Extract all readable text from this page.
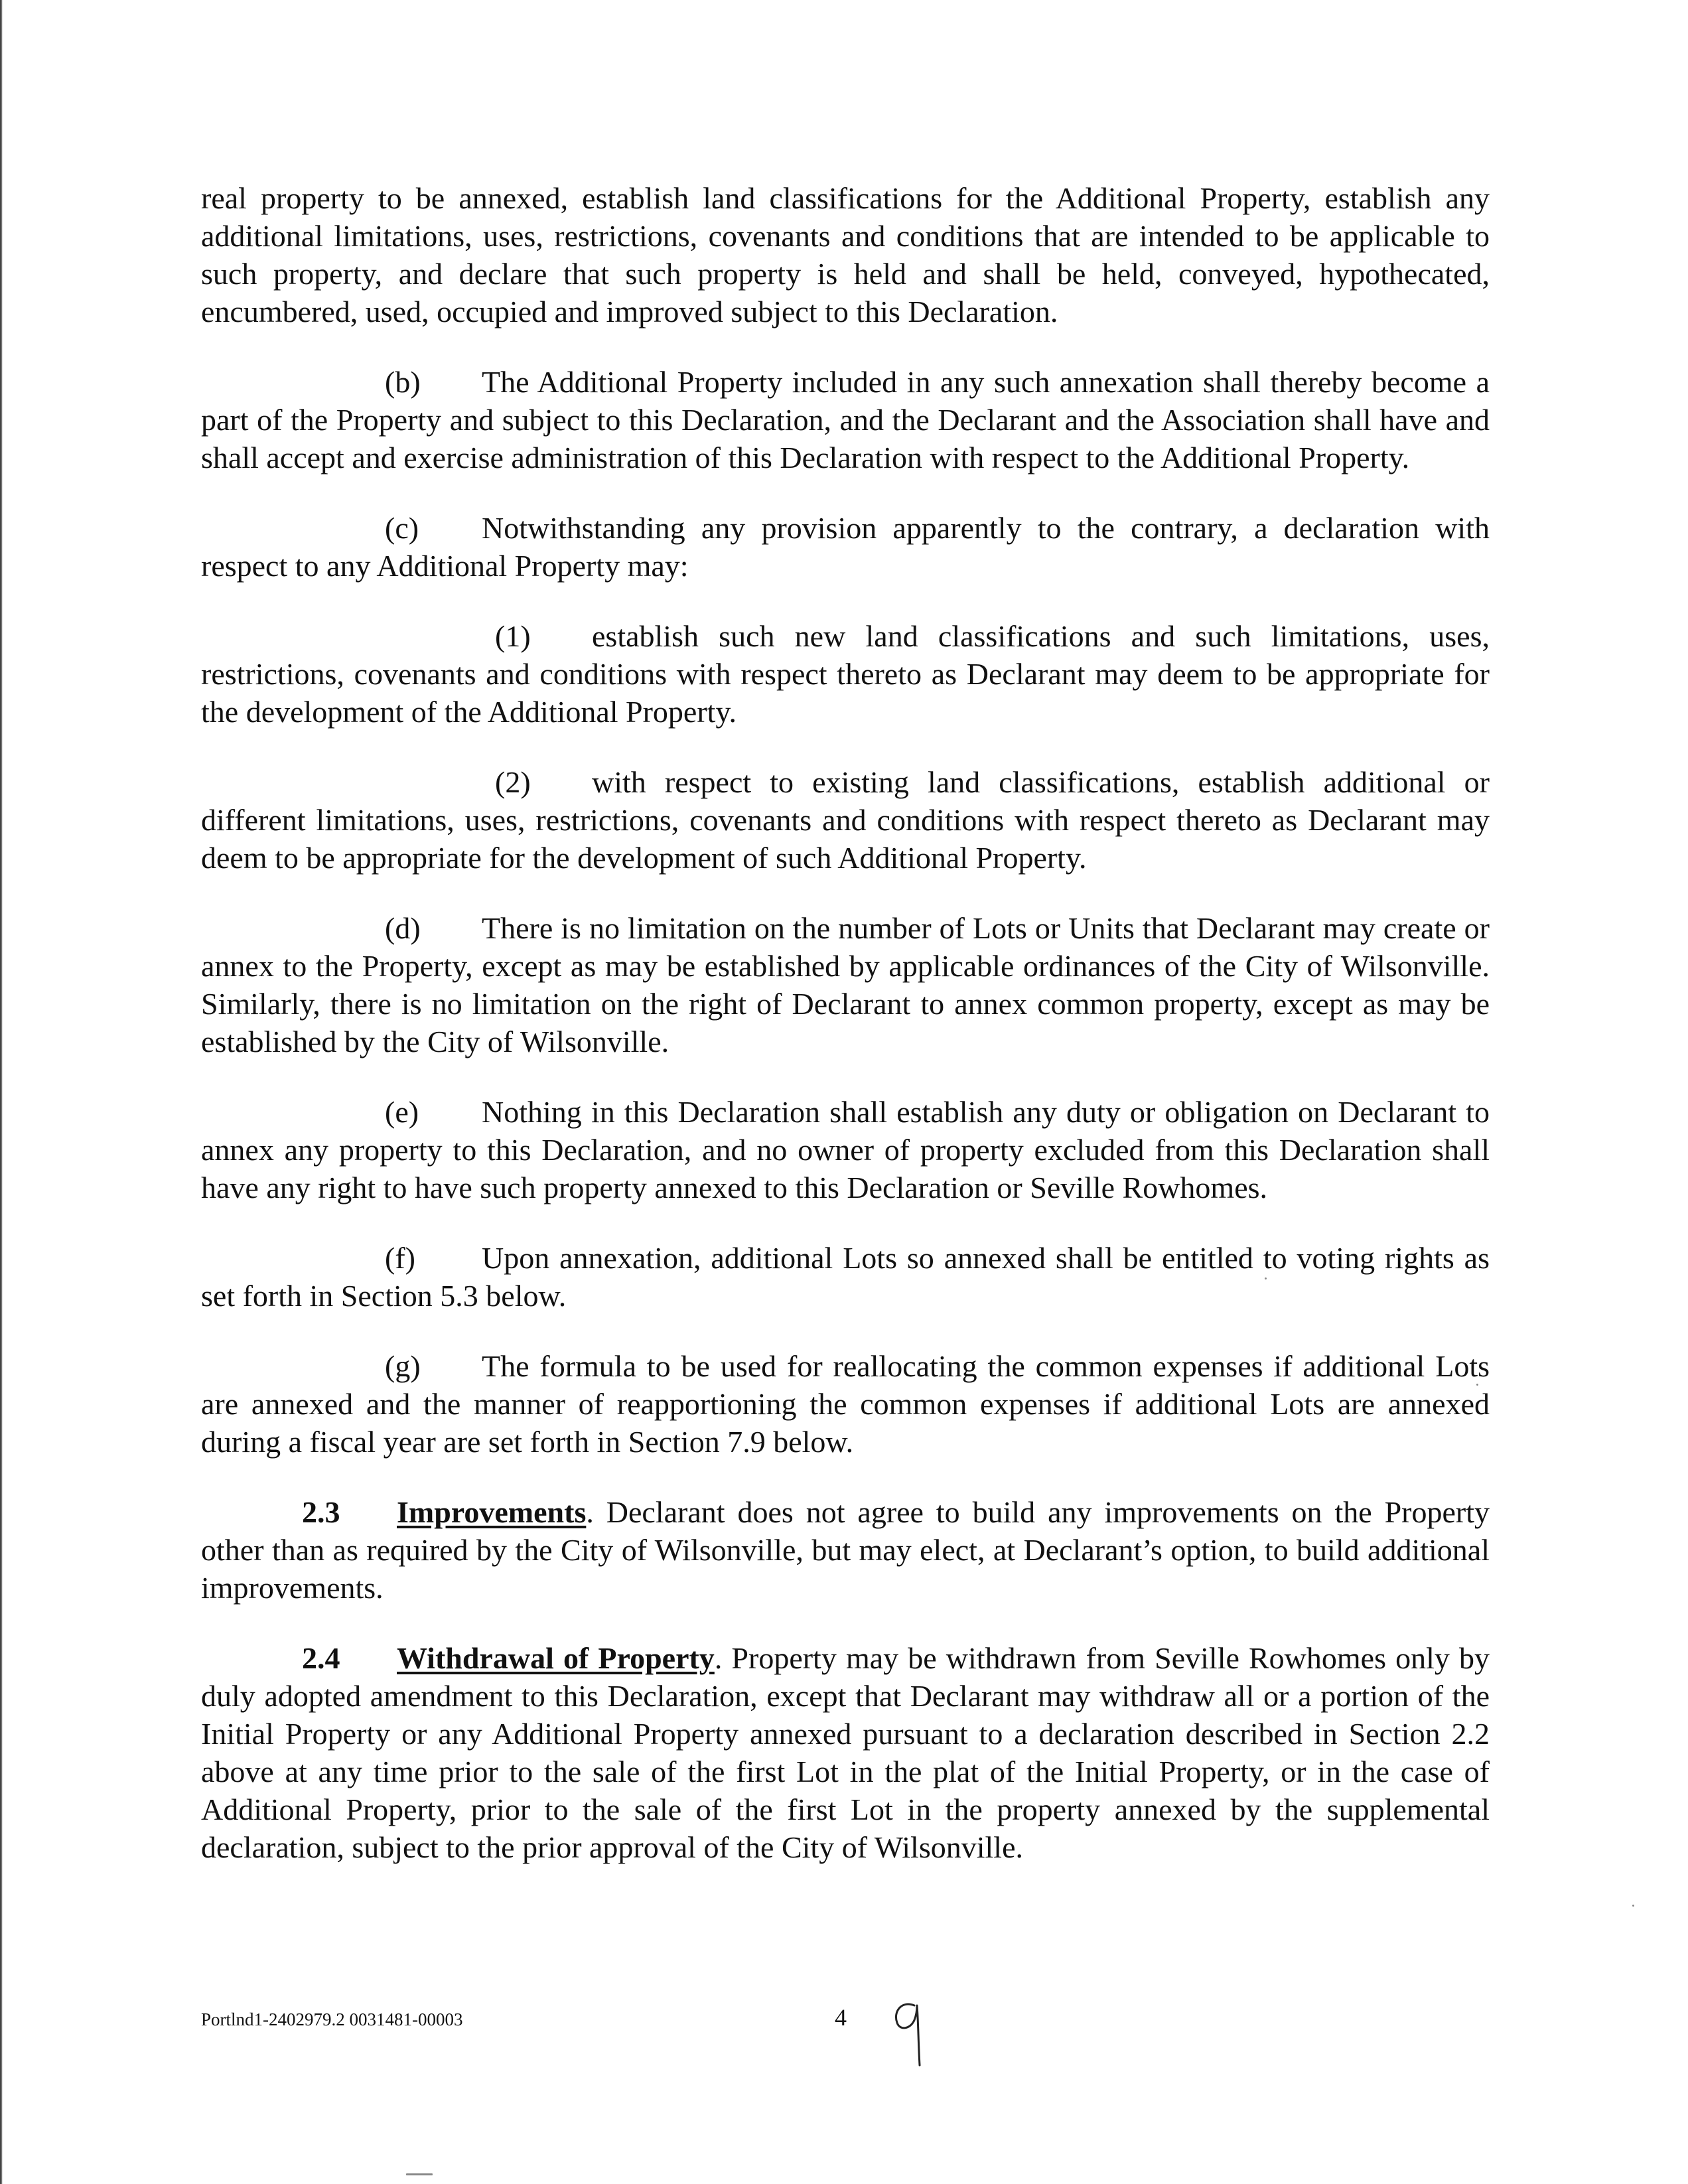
real property to be annexed, establish land classifications for the Additional Property, establish any additional limitations, uses, restrictions, covenants and conditions that are intended to be applicable to such property, and declare that such property is held and shall be held, conveyed, hypothecated, encumbered, used, occupied and improved subject to this Declaration.

(b) The Additional Property included in any such annexation shall thereby become a part of the Property and subject to this Declaration, and the Declarant and the Association shall have and shall accept and exercise administration of this Declaration with respect to the Additional Property.

(c) Notwithstanding any provision apparently to the contrary, a declaration with respect to any Additional Property may:

(1) establish such new land classifications and such limitations, uses, restrictions, covenants and conditions with respect thereto as Declarant may deem to be appropriate for the development of the Additional Property.

(2) with respect to existing land classifications, establish additional or different limitations, uses, restrictions, covenants and conditions with respect thereto as Declarant may deem to be appropriate for the development of such Additional Property.

(d) There is no limitation on the number of Lots or Units that Declarant may create or annex to the Property, except as may be established by applicable ordinances of the City of Wilsonville. Similarly, there is no limitation on the right of Declarant to annex common property, except as may be established by the City of Wilsonville.

(e) Nothing in this Declaration shall establish any duty or obligation on Declarant to annex any property to this Declaration, and no owner of property excluded from this Declaration shall have any right to have such property annexed to this Declaration or Seville Rowhomes.

(f) Upon annexation, additional Lots so annexed shall be entitled to voting rights as set forth in Section 5.3 below.

(g) The formula to be used for reallocating the common expenses if additional Lots are annexed and the manner of reapportioning the common expenses if additional Lots are annexed during a fiscal year are set forth in Section 7.9 below.

2.3 Improvements. Declarant does not agree to build any improvements on the Property other than as required by the City of Wilsonville, but may elect, at Declarant’s option, to build additional improvements.

2.4 Withdrawal of Property. Property may be withdrawn from Seville Rowhomes only by duly adopted amendment to this Declaration, except that Declarant may withdraw all or a portion of the Initial Property or any Additional Property annexed pursuant to a declaration described in Section 2.2 above at any time prior to the sale of the first Lot in the plat of the Initial Property, or in the case of Additional Property, prior to the sale of the first Lot in the property annexed by the supplemental declaration, subject to the prior approval of the City of Wilsonville.

Portlnd1-2402979.2 0031481-00003	4
